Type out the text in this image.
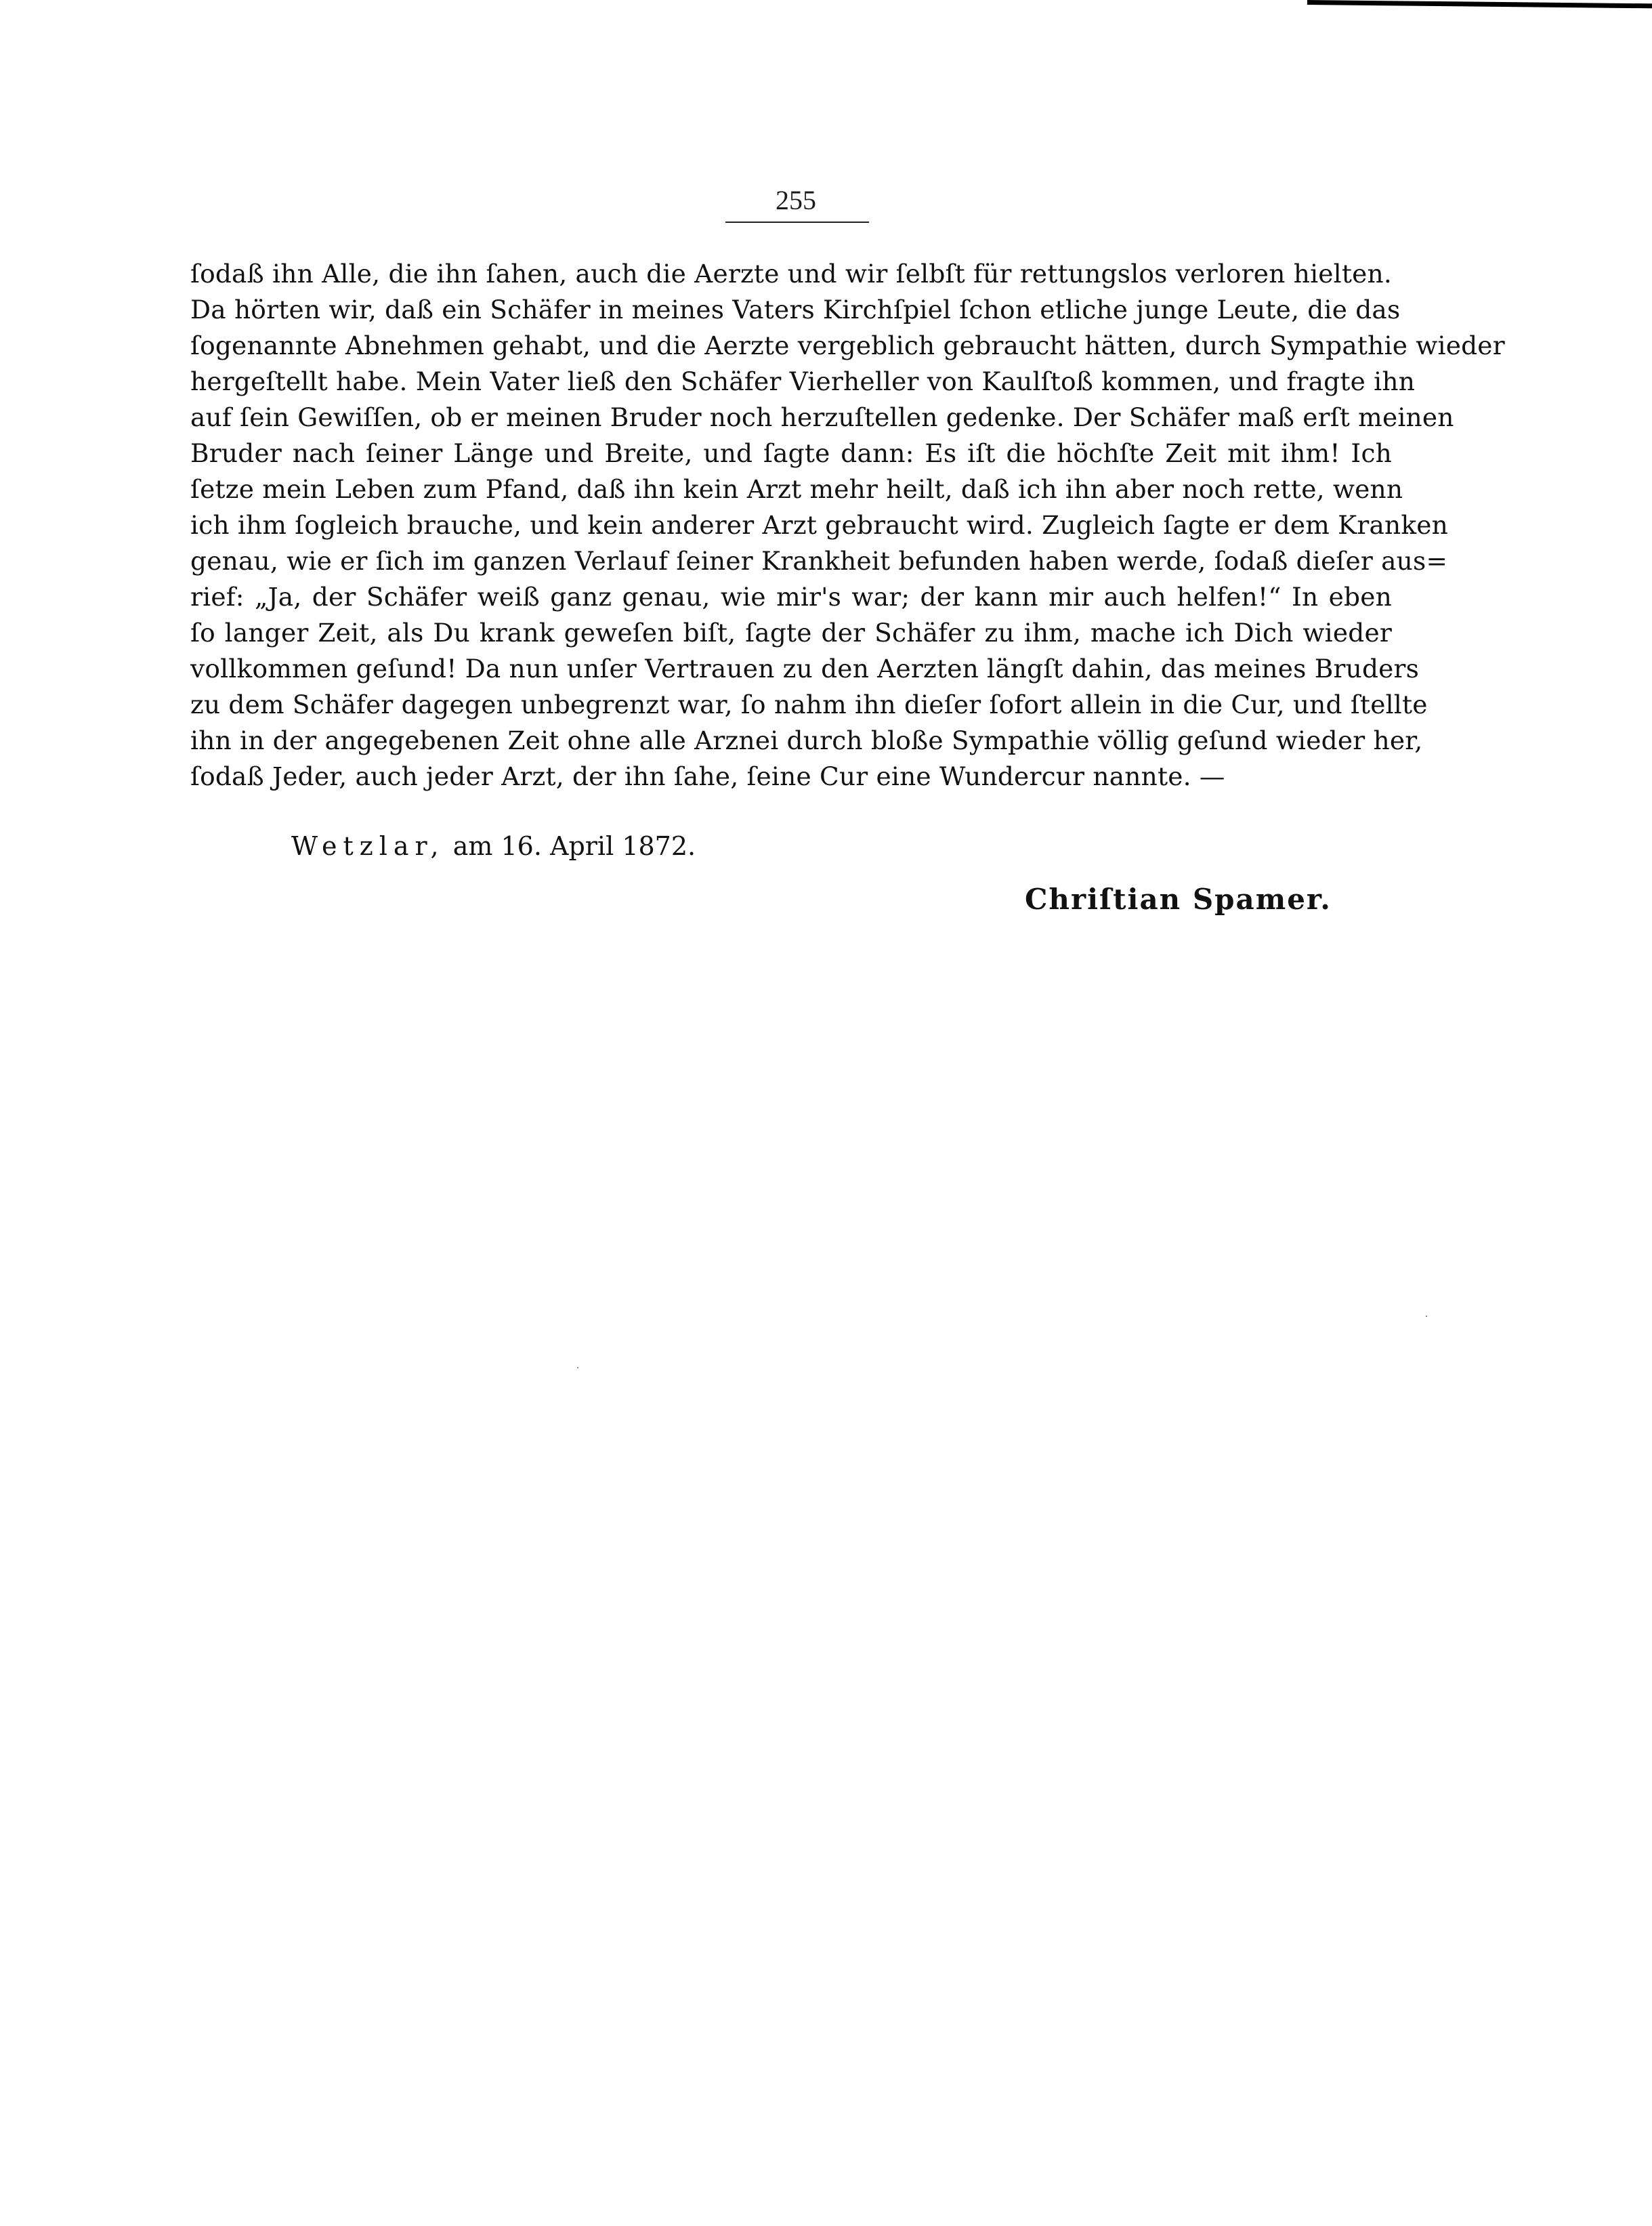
255
ſodaß ihn Alle, die ihn ſahen, auch die Aerzte und wir ſelbſt für rettungslos verloren hielten.
Da hörten wir, daß ein Schäfer in meines Vaters Kirchſpiel ſchon etliche junge Leute, die das
ſogenannte Abnehmen gehabt, und die Aerzte vergeblich gebraucht hätten, durch Sympathie wieder
hergeſtellt habe. Mein Vater ließ den Schäfer Vierheller von Kaulſtoß kommen, und fragte ihn
auf ſein Gewiſſen, ob er meinen Bruder noch herzuſtellen gedenke. Der Schäfer maß erſt meinen
Bruder nach ſeiner Länge und Breite, und ſagte dann: Es iſt die höchſte Zeit mit ihm! Ich
ſetze mein Leben zum Pfand, daß ihn kein Arzt mehr heilt, daß ich ihn aber noch rette, wenn
ich ihm ſogleich brauche, und kein anderer Arzt gebraucht wird. Zugleich ſagte er dem Kranken
genau, wie er ſich im ganzen Verlauf ſeiner Krankheit befunden haben werde, ſodaß dieſer aus=
rief: „Ja, der Schäfer weiß ganz genau, wie mir's war; der kann mir auch helfen!“ In eben
ſo langer Zeit, als Du krank geweſen biſt, ſagte der Schäfer zu ihm, mache ich Dich wieder
vollkommen geſund! Da nun unſer Vertrauen zu den Aerzten längſt dahin, das meines Bruders
zu dem Schäfer dagegen unbegrenzt war, ſo nahm ihn dieſer ſofort allein in die Cur, und ſtellte
ihn in der angegebenen Zeit ohne alle Arznei durch bloße Sympathie völlig geſund wieder her,
ſodaß Jeder, auch jeder Arzt, der ihn ſahe, ſeine Cur eine Wundercur nannte. —
Wetzlar, am 16. April 1872.
Chriſtian Spamer.
